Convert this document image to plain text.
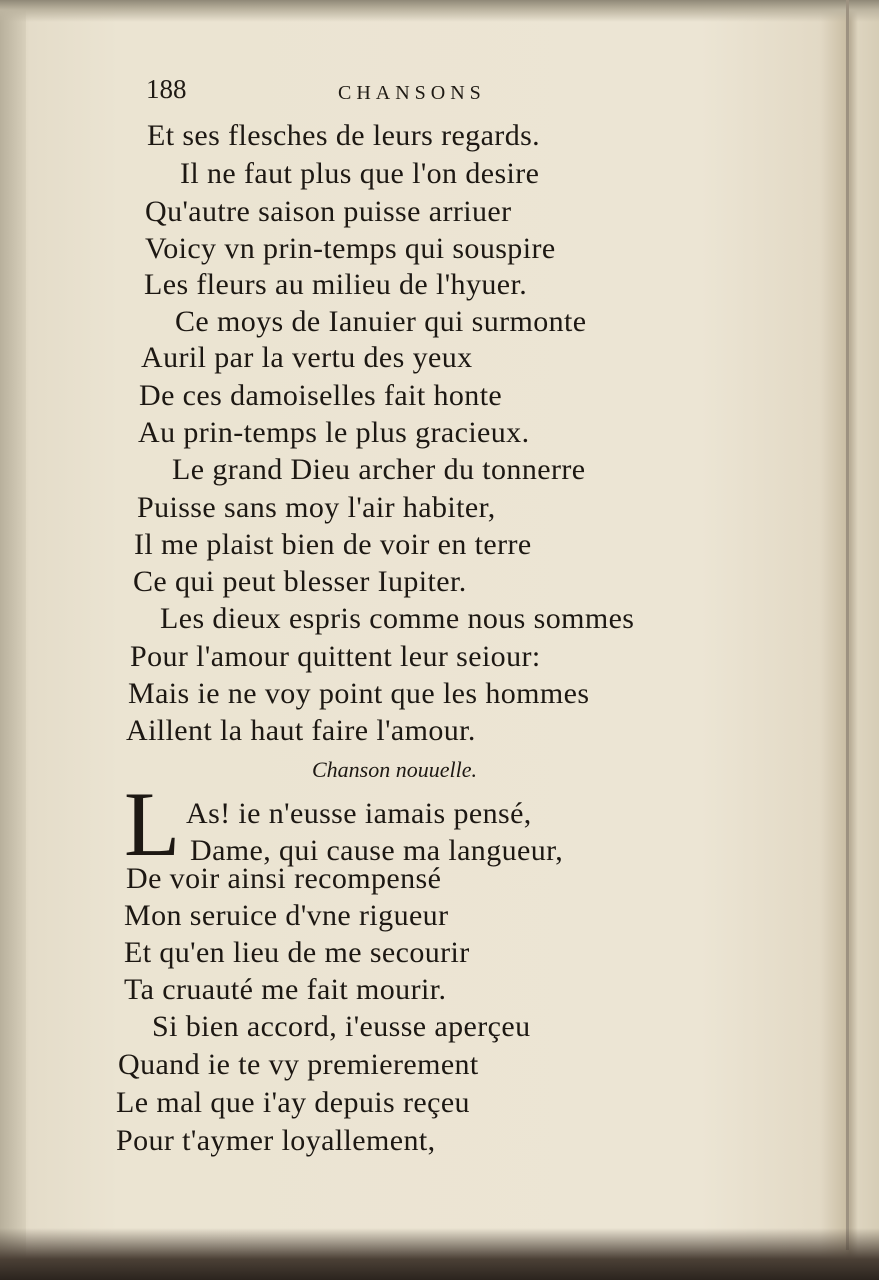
188	CHANSONS
Et ses flesches de leurs regards.
Il ne faut plus que l'on desire
Qu'autre saison puisse arriuer
Voicy vn prin-temps qui souspire
Les fleurs au milieu de l'hyuer.
Ce moys de Ianuier qui surmonte
Auril par la vertu des yeux
De ces damoiselles fait honte
Au prin-temps le plus gracieux.
Le grand Dieu archer du tonnerre
Puisse sans moy l'air habiter,
Il me plaist bien de voir en terre
Ce qui peut blesser Iupiter.
Les dieux espris comme nous sommes
Pour l'amour quittent leur seiour:
Mais ie ne voy point que les hommes
Aillent la haut faire l'amour.
Chanson nouuelle.
L As! ie n'eusse iamais pensé,
Dame, qui cause ma langueur,
De voir ainsi recompensé
Mon seruice d'vne rigueur
Et qu'en lieu de me secourir
Ta cruauté me fait mourir.
Si bien accord, i'eusse aperçeu
Quand ie te vy premierement
Le mal que i'ay depuis reçeu
Pour t'aymer loyallement,
